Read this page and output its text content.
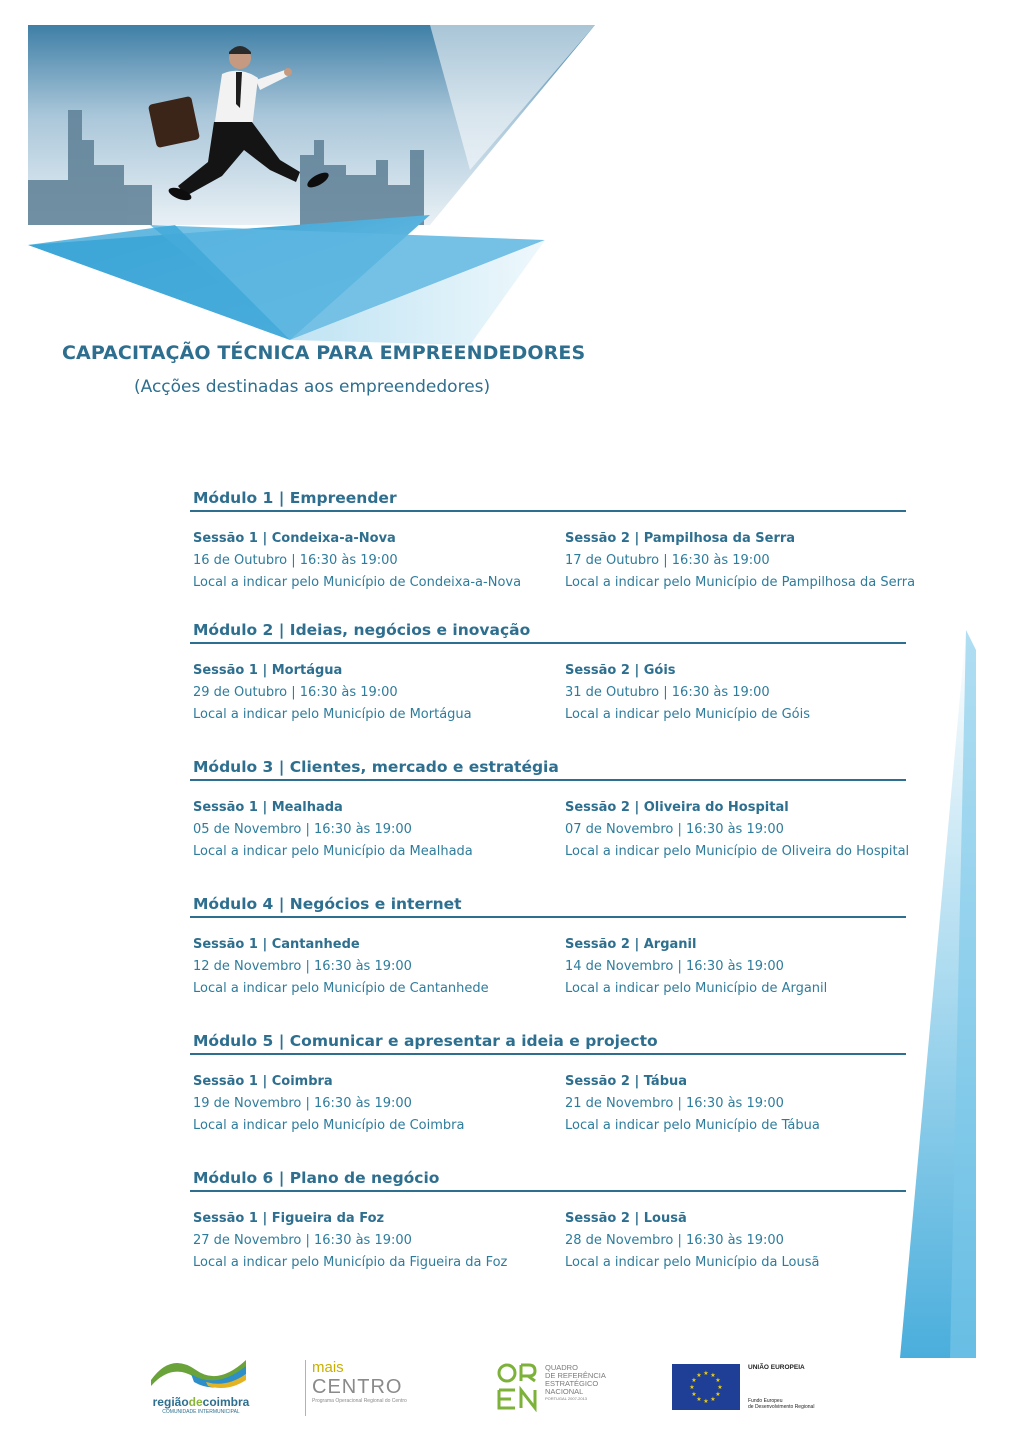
CAPACITAÇÃO TÉCNICA PARA EMPREENDEDORES
(Acções destinadas aos empreendedores)
Módulo 1 | Empreender
Sessão 1 | Condeixa-a-Nova
16 de Outubro | 16:30 às 19:00
Local a indicar pelo Município de Condeixa-a-Nova
Sessão 2 | Pampilhosa da Serra
17 de Outubro | 16:30 às 19:00
Local a indicar pelo Município de Pampilhosa da Serra
Módulo 2 | Ideias, negócios e inovação
Sessão 1 | Mortágua
29 de Outubro | 16:30 às 19:00
Local a indicar pelo Município de Mortágua
Sessão 2 | Góis
31 de Outubro | 16:30 às 19:00
Local a indicar pelo Município de Góis
Módulo 3 | Clientes, mercado e estratégia
Sessão 1 | Mealhada
05 de Novembro | 16:30 às 19:00
Local a indicar pelo Município da Mealhada
Sessão 2 | Oliveira do Hospital
07 de Novembro | 16:30 às 19:00
Local a indicar pelo Município de Oliveira do Hospital
Módulo 4 | Negócios e internet
Sessão 1 | Cantanhede
12 de Novembro | 16:30 às 19:00
Local a indicar pelo Município de Cantanhede
Sessão 2 | Arganil
14 de Novembro | 16:30 às 19:00
Local a indicar pelo Município de Arganil
Módulo 5 | Comunicar e apresentar a ideia e projecto
Sessão 1 | Coimbra
19 de Novembro | 16:30 às 19:00
Local a indicar pelo Município de Coimbra
Sessão 2 | Tábua
21 de Novembro | 16:30 às 19:00
Local a indicar pelo Município de Tábua
Módulo 6 | Plano de negócio
Sessão 1 | Figueira da Foz
27 de Novembro | 16:30 às 19:00
Local a indicar pelo Município da Figueira da Foz
Sessão 2 | Lousã
28 de Novembro | 16:30 às 19:00
Local a indicar pelo Município da Lousã
regiãodecoimbra
COMUNIDADE INTERMUNICIPAL
mais
CENTRO
Programa Operacional Regional do Centro
QUADRO
DE REFERÊNCIA
ESTRATÉGICO
NACIONAL
PORTUGAL 2007-2013
★ ★
★
★
★
★
★
★
★
★
★
★
UNIÃO EUROPEIA
Fundo Europeu
de Desenvolvimento Regional
